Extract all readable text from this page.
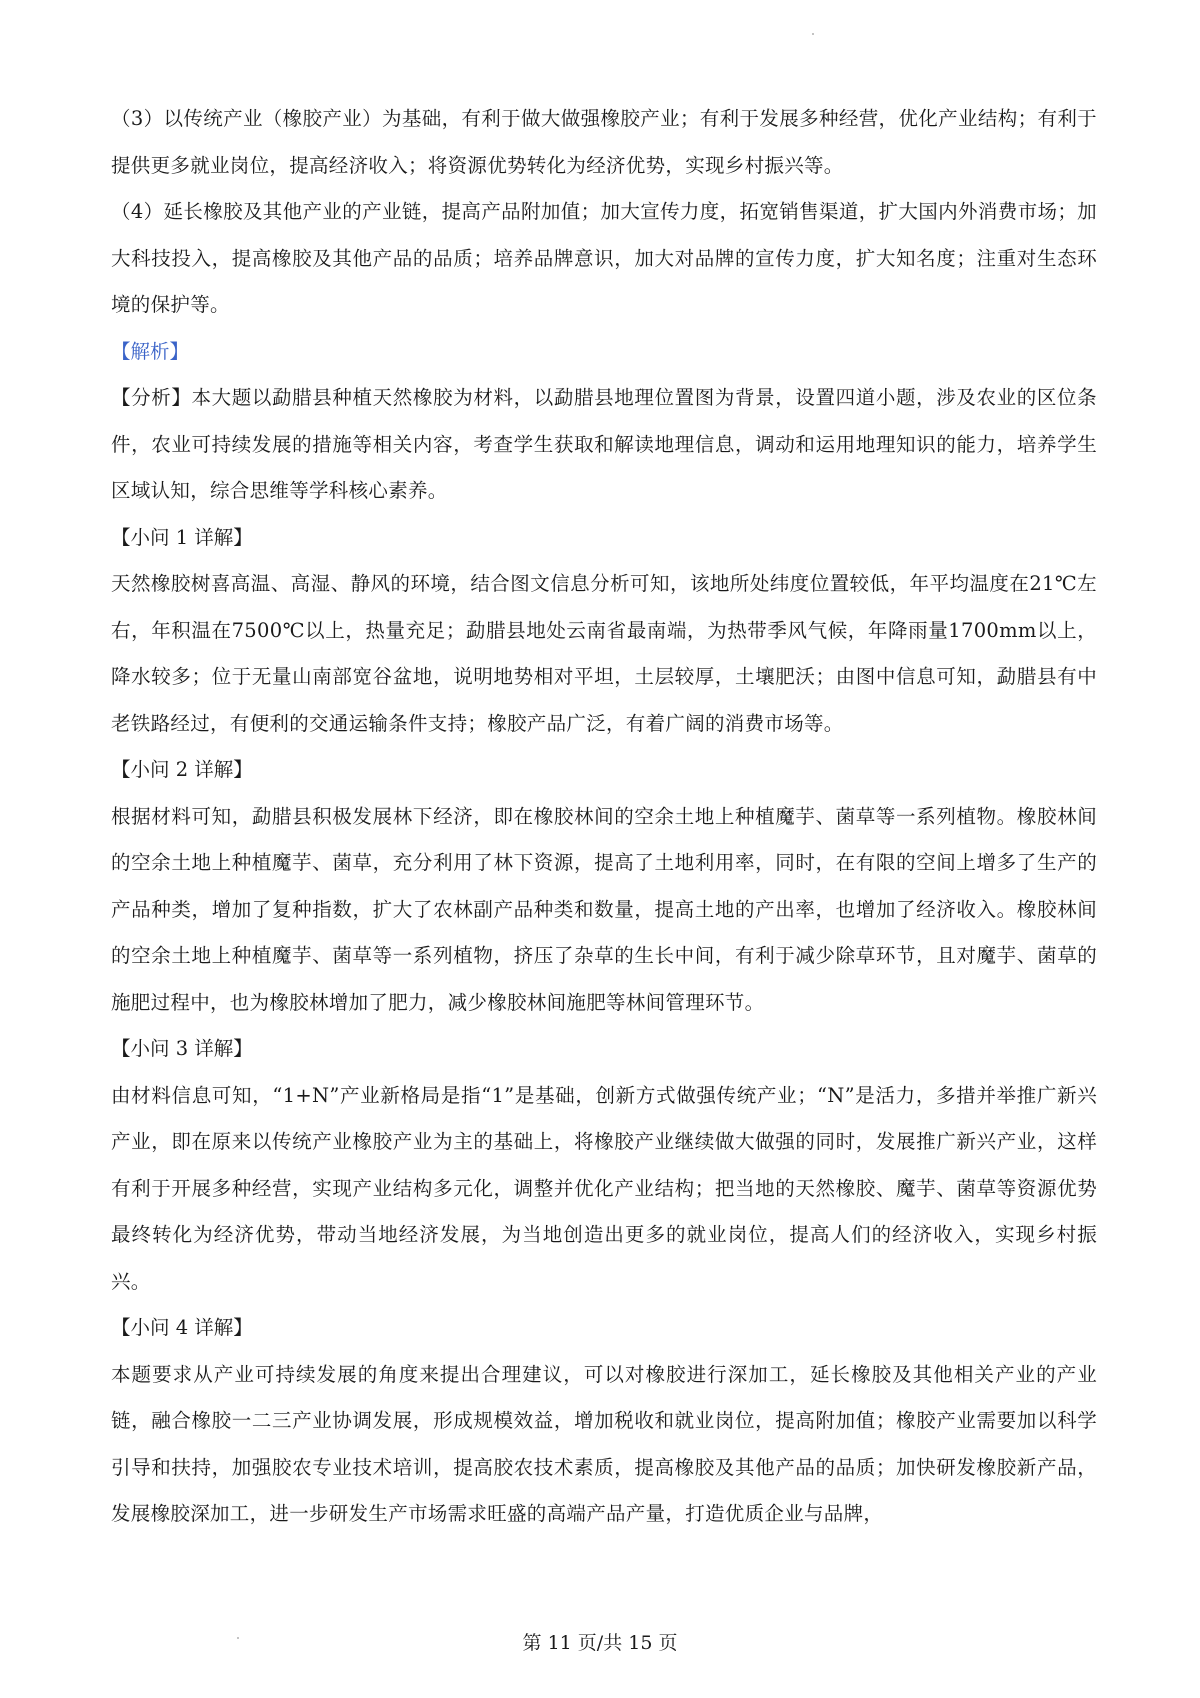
（3）以传统产业（橡胶产业）为基础，有利于做大做强橡胶产业；有利于发展多种经营，优化产业结构；有利于提供更多就业岗位，提高经济收入；将资源优势转化为经济优势，实现乡村振兴等。

（4）延长橡胶及其他产业的产业链，提高产品附加值；加大宣传力度，拓宽销售渠道，扩大国内外消费市场；加大科技投入，提高橡胶及其他产品的品质；培养品牌意识，加大对品牌的宣传力度，扩大知名度；注重对生态环境的保护等。

【解析】

【分析】本大题以勐腊县种植天然橡胶为材料，以勐腊县地理位置图为背景，设置四道小题，涉及农业的区位条件，农业可持续发展的措施等相关内容，考查学生获取和解读地理信息，调动和运用地理知识的能力，培养学生区域认知，综合思维等学科核心素养。

【小问 1 详解】

天然橡胶树喜高温、高湿、静风的环境，结合图文信息分析可知，该地所处纬度位置较低，年平均温度在21℃左右，年积温在7500℃以上，热量充足；勐腊县地处云南省最南端，为热带季风气候，年降雨量1700mm以上，降水较多；位于无量山南部宽谷盆地，说明地势相对平坦，土层较厚，土壤肥沃；由图中信息可知，勐腊县有中老铁路经过，有便利的交通运输条件支持；橡胶产品广泛，有着广阔的消费市场等。

【小问 2 详解】

根据材料可知，勐腊县积极发展林下经济，即在橡胶林间的空余土地上种植魔芋、菌草等一系列植物。橡胶林间的空余土地上种植魔芋、菌草，充分利用了林下资源，提高了土地利用率，同时，在有限的空间上增多了生产的产品种类，增加了复种指数，扩大了农林副产品种类和数量，提高土地的产出率，也增加了经济收入。橡胶林间的空余土地上种植魔芋、菌草等一系列植物，挤压了杂草的生长中间，有利于减少除草环节，且对魔芋、菌草的施肥过程中，也为橡胶林增加了肥力，减少橡胶林间施肥等林间管理环节。

【小问 3 详解】

由材料信息可知，“1+N”产业新格局是指“1”是基础，创新方式做强传统产业；“N”是活力，多措并举推广新兴产业，即在原来以传统产业橡胶产业为主的基础上，将橡胶产业继续做大做强的同时，发展推广新兴产业，这样有利于开展多种经营，实现产业结构多元化，调整并优化产业结构；把当地的天然橡胶、魔芋、菌草等资源优势最终转化为经济优势，带动当地经济发展，为当地创造出更多的就业岗位，提高人们的经济收入，实现乡村振兴。

【小问 4 详解】

本题要求从产业可持续发展的角度来提出合理建议，可以对橡胶进行深加工，延长橡胶及其他相关产业的产业链，融合橡胶一二三产业协调发展，形成规模效益，增加税收和就业岗位，提高附加值；橡胶产业需要加以科学引导和扶持，加强胶农专业技术培训，提高胶农技术素质，提高橡胶及其他产品的品质；加快研发橡胶新产品，发展橡胶深加工，进一步研发生产市场需求旺盛的高端产品产量，打造优质企业与品牌，

第 11 页/共 15 页
